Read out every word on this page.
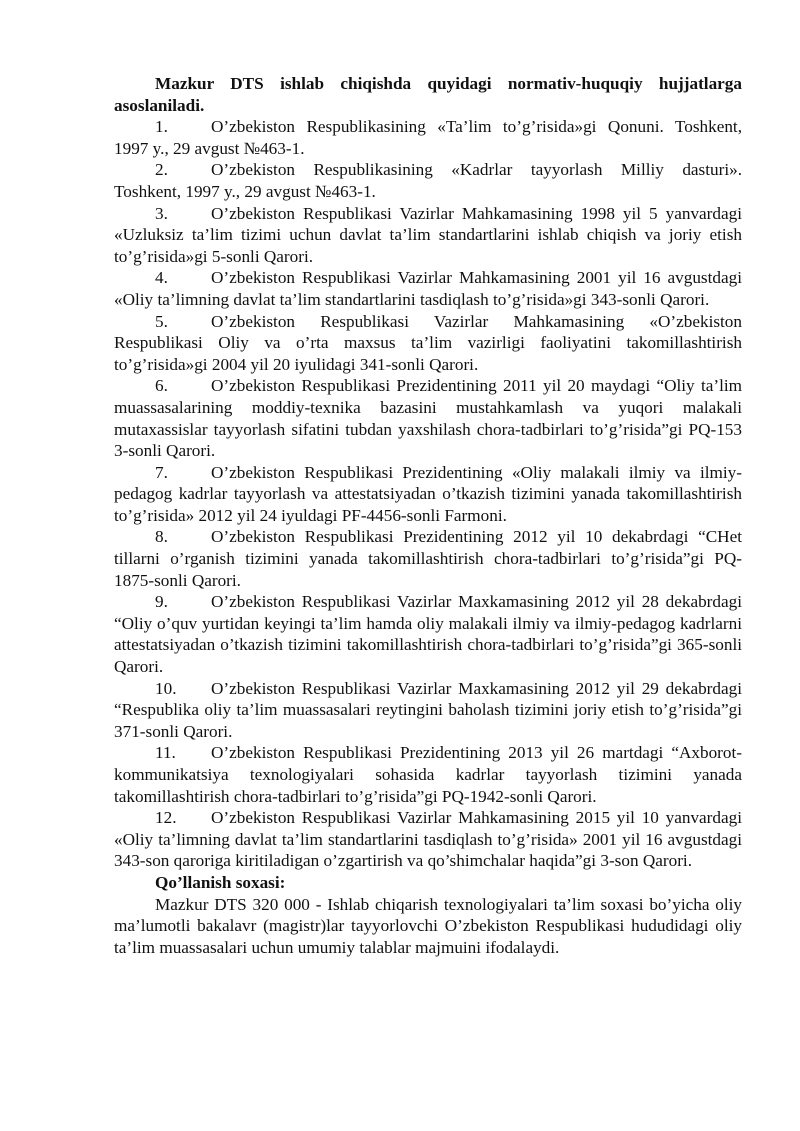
Mazkur DTS ishlab chiqishda quyidagi normativ-huquqiy hujjatlarga asoslaniladi.

1.	O’zbekiston Respublikasining «Ta’lim to’g’risida»gi Qonuni. Toshkent, 1997 y., 29 avgust №463-1.

2.	O’zbekiston Respublikasining «Kadrlar tayyorlash Milliy dasturi». Toshkent, 1997 y., 29 avgust №463-1.

3.	O’zbekiston Respublikasi Vazirlar Mahkamasining 1998 yil 5 yanvardagi «Uzluksiz ta’lim tizimi uchun davlat ta’lim standartlarini ishlab chiqish va joriy etish to’g’risida»gi 5-sonli Qarori.

4.	O’zbekiston Respublikasi Vazirlar Mahkamasining 2001 yil 16 avgustdagi «Oliy ta’limning davlat ta’lim standartlarini tasdiqlash to’g’risida»gi 343-sonli Qarori.

5.	O’zbekiston Respublikasi Vazirlar Mahkamasining «O’zbekiston Respublikasi Oliy va o’rta maxsus ta’lim vazirligi faoliyatini takomillashtirish to’g’risida»gi 2004 yil 20 iyulidagi 341-sonli Qarori.

6.	O’zbekiston Respublikasi Prezidentining 2011 yil 20 maydagi “Oliy ta’lim muassasalarining moddiy-texnika bazasini mustahkamlash va yuqori malakali mutaxassislar tayyorlash sifatini tubdan yaxshilash chora-tadbirlari to’g’risida”gi PQ-153 3-sonli Qarori.

7.	O’zbekiston Respublikasi Prezidentining «Oliy malakali ilmiy va ilmiy- pedagog kadrlar tayyorlash va attestatsiyadan o’tkazish tizimini yanada takomillashtirish to’g’risida» 2012 yil 24 iyuldagi PF-4456-sonli Farmoni.

8.	O’zbekiston Respublikasi Prezidentining 2012 yil 10 dekabrdagi “CHet tillarni o’rganish tizimini yanada takomillashtirish chora-tadbirlari to’g’risida”gi PQ- 1875-sonli Qarori.

9.	O’zbekiston Respublikasi Vazirlar Maxkamasining 2012 yil 28 dekabrdagi “Oliy o’quv yurtidan keyingi ta’lim hamda oliy malakali ilmiy va ilmiy-pedagog kadrlarni attestatsiyadan o’tkazish tizimini takomillashtirish chora-tadbirlari to’g’risida”gi 365-sonli Qarori.

10. O’zbekiston Respublikasi Vazirlar Maxkamasining 2012 yil 29 dekabrdagi “Respublika oliy ta’lim muassasalari reytingini baholash tizimini joriy etish to’g’risida”gi 371-sonli Qarori.

11. O’zbekiston Respublikasi Prezidentining 2013 yil 26 martdagi “Axborot- kommunikatsiya texnologiyalari sohasida kadrlar tayyorlash tizimini yanada takomillashtirish chora-tadbirlari to’g’risida”gi PQ-1942-sonli Qarori.

12. O’zbekiston Respublikasi Vazirlar Mahkamasining 2015 yil 10 yanvardagi «Oliy ta’limning davlat ta’lim standartlarini tasdiqlash to’g’risida» 2001 yil 16 avgustdagi 343-son qaroriga kiritiladigan o’zgartirish va qo’shimchalar haqida”gi 3-son Qarori.

Qo’llanish soxasi:

Mazkur DTS 320 000 - Ishlab chiqarish texnologiyalari ta’lim soxasi bo’yicha oliy ma’lumotli bakalavr (magistr)lar tayyorlovchi O’zbekiston Respublikasi hududidagi oliy ta’lim muassasalari uchun umumiy talablar majmuini ifodalaydi.
